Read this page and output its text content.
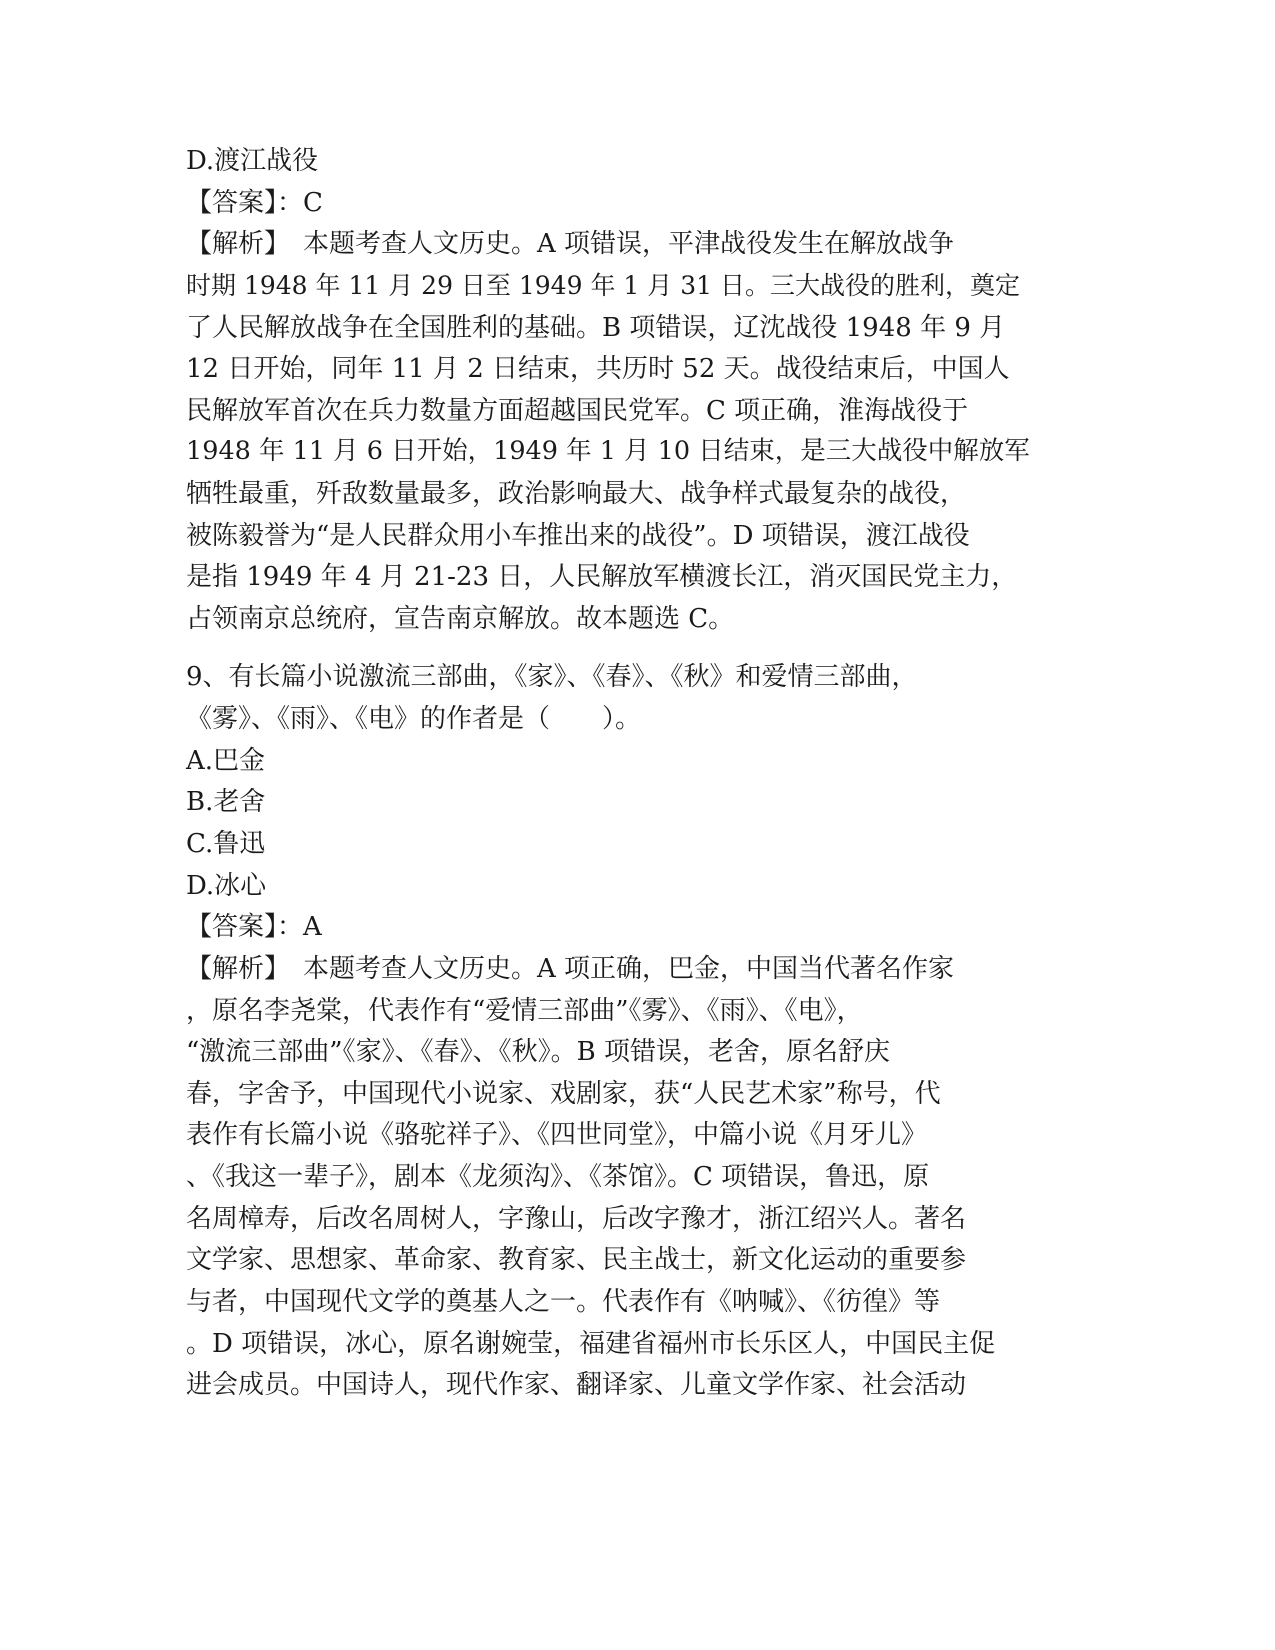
D.渡江战役
【答案】：C
【解析】　本题考查人文历史。A 项错误，平津战役发生在解放战争
时期 1948 年 11 月 29 日至 1949 年 1 月 31 日。三大战役的胜利，奠定
了人民解放战争在全国胜利的基础。B 项错误，辽沈战役 1948 年 9 月
12 日开始，同年 11 月 2 日结束，共历时 52 天。战役结束后，中国人
民解放军首次在兵力数量方面超越国民党军。C 项正确，淮海战役于
1948 年 11 月 6 日开始，1949 年 1 月 10 日结束，是三大战役中解放军
牺牲最重，歼敌数量最多，政治影响最大、战争样式最复杂的战役，
被陈毅誉为“是人民群众用小车推出来的战役”。D 项错误，渡江战役
是指 1949 年 4 月 21-23 日，人民解放军横渡长江，消灭国民党主力，
占领南京总统府，宣告南京解放。故本题选 C。
9、有长篇小说激流三部曲，《家》、《春》、《秋》和爱情三部曲，
《雾》、《雨》、《电》的作者是（　　）。
A.巴金
B.老舍
C.鲁迅
D.冰心
【答案】：A
【解析】　本题考查人文历史。A 项正确，巴金，中国当代著名作家
，原名李尧棠，代表作有“爱情三部曲”《雾》、《雨》、《电》，
“激流三部曲”《家》、《春》、《秋》。B 项错误，老舍，原名舒庆
春，字舍予，中国现代小说家、戏剧家，获“人民艺术家”称号，代
表作有长篇小说《骆驼祥子》、《四世同堂》，中篇小说《月牙儿》
、《我这一辈子》，剧本《龙须沟》、《茶馆》。C 项错误，鲁迅，原
名周樟寿，后改名周树人，字豫山，后改字豫才，浙江绍兴人。著名
文学家、思想家、革命家、教育家、民主战士，新文化运动的重要参
与者，中国现代文学的奠基人之一。代表作有《呐喊》、《彷徨》等
。D 项错误，冰心，原名谢婉莹，福建省福州市长乐区人，中国民主促
进会成员。中国诗人，现代作家、翻译家、儿童文学作家、社会活动
